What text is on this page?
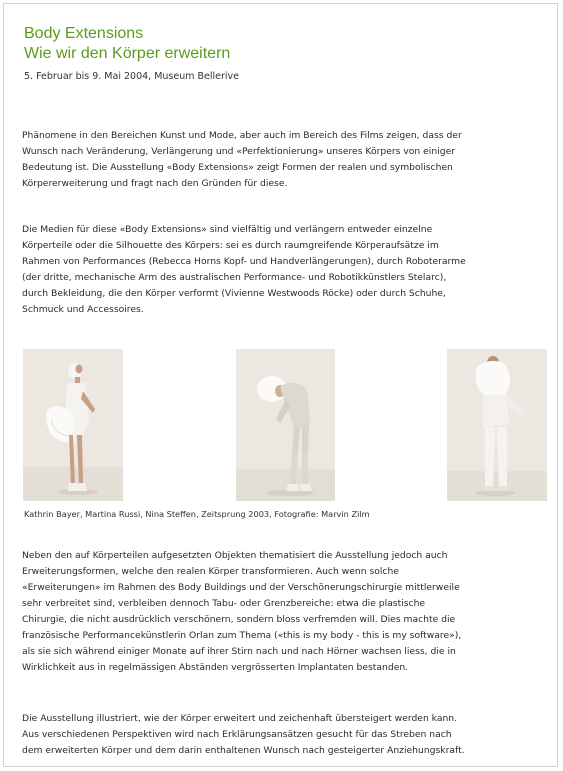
Body Extensions
Wie wir den Körper erweitern

5. Februar bis 9. Mai 2004, Museum Bellerive

Phänomene in den Bereichen Kunst und Mode, aber auch im Bereich des Films zeigen, dass der
Wunsch nach Veränderung, Verlängerung und «Perfektionierung» unseres Körpers von einiger
Bedeutung ist. Die Ausstellung «Body Extensions» zeigt Formen der realen und symbolischen
Körpererweiterung und fragt nach den Gründen für diese.

Die Medien für diese «Body Extensions» sind vielfältig und verlängern entweder einzelne
Körperteile oder die Silhouette des Körpers: sei es durch raumgreifende Körperaufsätze im
Rahmen von Performances (Rebecca Horns Kopf- und Handverlängerungen), durch Roboterarme
(der dritte, mechanische Arm des australischen Performance- und Robotikkünstlers Stelarc),
durch Bekleidung, die den Körper verformt (Vivienne Westwoods Röcke) oder durch Schuhe,
Schmuck und Accessoires.

Kathrin Bayer, Martina Russi, Nina Steffen, Zeitsprung 2003, Fotografie: Marvin Zilm

Neben den auf Körperteilen aufgesetzten Objekten thematisiert die Ausstellung jedoch auch
Erweiterungsformen, welche den realen Körper transformieren. Auch wenn solche
«Erweiterungen» im Rahmen des Body Buildings und der Verschönerungschirurgie mittlerweile
sehr verbreitet sind, verbleiben dennoch Tabu- oder Grenzbereiche: etwa die plastische
Chirurgie, die nicht ausdrücklich verschönern, sondern bloss verfremden will. Dies machte die
französische Performancekünstlerin Orlan zum Thema («this is my body - this is my software»),
als sie sich während einiger Monate auf ihrer Stirn nach und nach Hörner wachsen liess, die in
Wirklichkeit aus in regelmässigen Abständen vergrösserten Implantaten bestanden.

Die Ausstellung illustriert, wie der Körper erweitert und zeichenhaft übersteigert werden kann.
Aus verschiedenen Perspektiven wird nach Erklärungsansätzen gesucht für das Streben nach
dem erweiterten Körper und dem darin enthaltenen Wunsch nach gesteigerter Anziehungskraft.
